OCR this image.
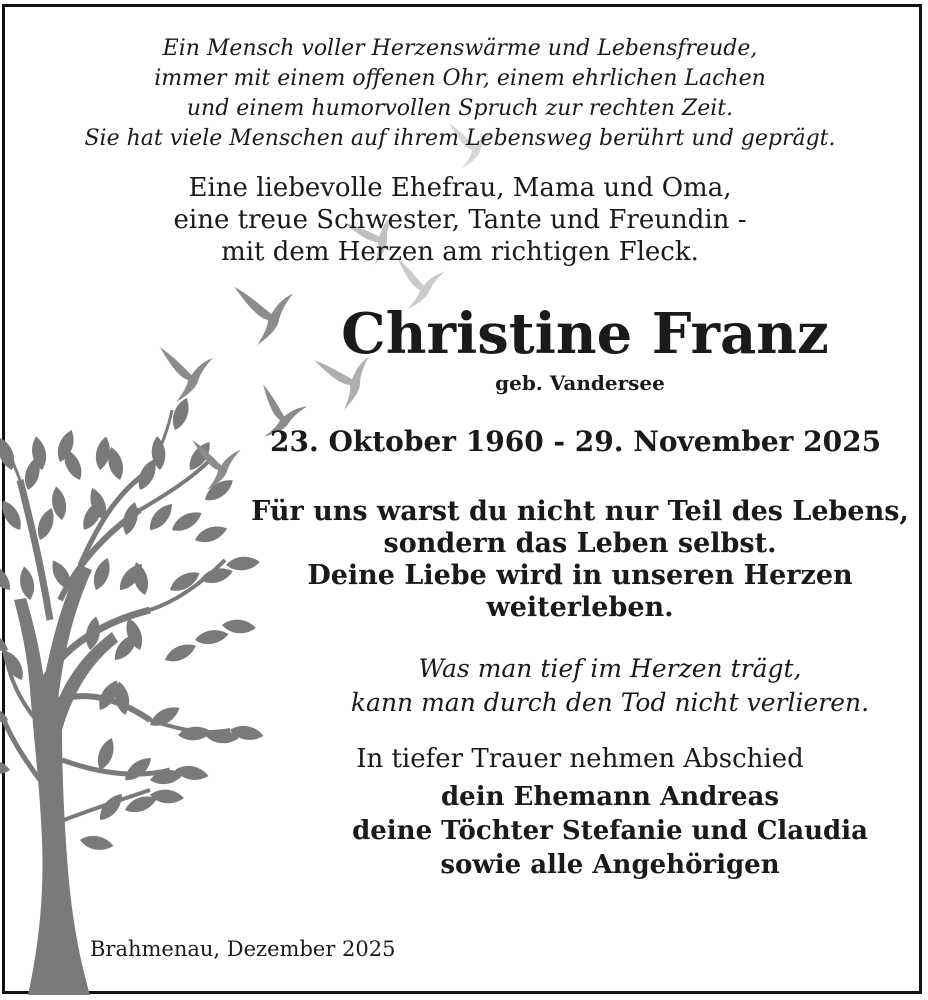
Ein Mensch voller Herzenswärme und Lebensfreude,
immer mit einem offenen Ohr, einem ehrlichen Lachen
und einem humorvollen Spruch zur rechten Zeit.
Sie hat viele Menschen auf ihrem Lebensweg berührt und geprägt.
Eine liebevolle Ehefrau, Mama und Oma,
eine treue Schwester, Tante und Freundin -
mit dem Herzen am richtigen Fleck.
Christine Franz
geb. Vandersee
23. Oktober 1960 - 29. November 2025
Für uns warst du nicht nur Teil des Lebens,
sondern das Leben selbst.
Deine Liebe wird in unseren Herzen
weiterleben.
Was man tief im Herzen trägt,
kann man durch den Tod nicht verlieren.
In tiefer Trauer nehmen Abschied
dein Ehemann Andreas
deine Töchter Stefanie und Claudia
sowie alle Angehörigen
Brahmenau, Dezember 2025
